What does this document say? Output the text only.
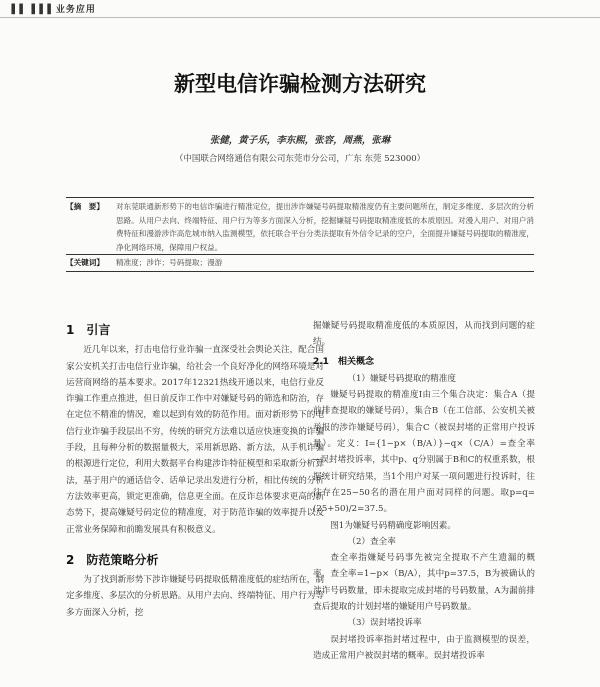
▐▐ ▐▐▐ 业务应用
新型电信诈骗检测方法研究
张健，黄子乐，李东熙，张容，周燕，张琳
（中国联合网络通信有限公司东莞市分公司，广东 东莞 523000）
【摘　要】	对东莞联通新形势下的电信诈骗进行精准定位，提出涉诈嫌疑号码提取精准度仍有主要问题所在，制定多维度、多层次的分析思路。从用户去向、终端特征、用户行为等多方面深入分析，挖掘嫌疑号码提取精准度低的本质原因。对漫入用户、对用户消费特征和漫游涉诈高危城市纳入监测模型，依托联合平台分类法提取有外信令记录的空户，全面提升嫌疑号码提取的精准度，净化网络环境，保障用户权益。
【关键词】	精准度；涉诈；号码提取；漫游
1　引言

近几年以来，打击电信行业诈骗一直深受社会舆论关注，配合国家公安机关打击电信行业诈骗，给社会一个良好净化的网络环境是对运营商网络的基本要求。2017年12321热线开通以来，电信行业反诈骗工作重点推进，但日前反诈工作中对嫌疑号码的筛选和防治，存在定位不精准的情况，难以起到有效的防范作用。面对新形势下的电信行业诈骗手段层出不穷，传统的研究方法难以适应快速变换的诈骗手段，且每种分析的数据量极大，采用新思路、新方法，从手机诈骗的根源进行定位，利用大数据平台构建涉诈特征模型和采取新分析算法，基于用户的通话信令、话单记录出发进行分析，相比传统的分析方法效率更高，锁定更准确，信息更全面。在反诈总体要求更高的新态势下，提高嫌疑号码定位的精准度，对于防范诈骗的效率提升以及正常业务保障和前瞻发展具有积极意义。

2　防范策略分析

为了找到新形势下涉诈嫌疑号码提取低精准度低的症结所在，制定多维度、多层次的分析思路。从用户去向、终端特征、用户行为等多方面深入分析，挖

掘嫌疑号码提取精准度低的本质原因，从而找到问题的症结。

2.1　相关概念

（1）嫌疑号码提取的精准度

嫌疑号码提取的精准度I由三个集合决定：集合A（提前排查提取的嫌疑号码），集合B（在工信部、公安机关被举报的涉诈嫌疑号码），集合C（被误封堵的正常用户投诉量）。定义：I={1−p×（B/A）}−q×（C/A）=查全率−误封堵投诉率，其中p、q分别属于B和C的权重系数，根据统计研究结果，当1个用户对某一项问题进行投诉时，往往存在25~50名的潜在用户面对同样的问题。取p=q=(25+50)/2=37.5。

图1为嫌疑号码精确度影响因素。

（2）查全率

查全率指嫌疑号码事先被完全提取不产生遗漏的概率，查全率=1−p×（B/A），其中p=37.5，B为被确认的涉诈号码数量，即未提取完成封堵的号码数量，A为漏前排查后提取的计划封堵的嫌疑用户号码数量。

（3）误封堵投诉率

误封堵投诉率指封堵过程中，由于监测模型的误差，造成正常用户被误封堵的概率。误封堵投诉率
